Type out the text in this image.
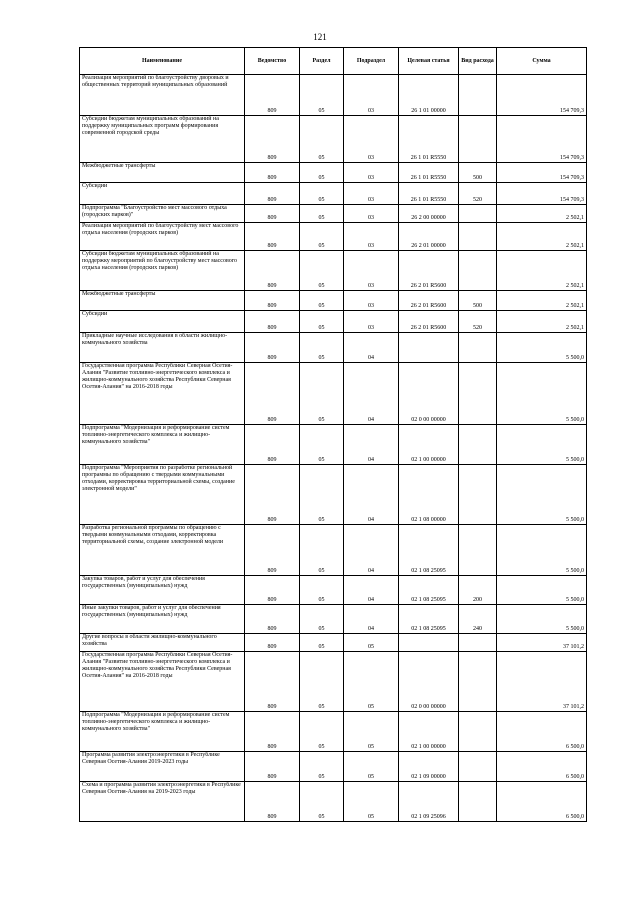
121
Наименование	Ведомство	Раздел	Подраздел	Целевая статья	Вид расхода	Сумма
Реализация мероприятий по благоустройству дворовых и общественных территорий муниципальных образований	809	05	03	26 1 01 00000		154 709,3
Субсидии бюджетам муниципальных образований на поддержку муниципальных программ формирования современной городской среды	809	05	03	26 1 01 R5550		154 709,3
Межбюджетные трансферты	809	05	03	26 1 01 R5550	500	154 709,3
Субсидии	809	05	03	26 1 01 R5550	520	154 709,3
Подпрограмма "Благоустройство мест массового отдыха (городских парков)"	809	05	03	26 2 00 00000		2 502,1
Реализация мероприятий по благоустройству мест массового отдыха населения (городских парков)	809	05	03	26 2 01 00000		2 502,1
Субсидии бюджетам муниципальных образований на поддержку мероприятий по благоустройству мест массового отдыха населения (городских парков)	809	05	03	26 2 01 R5600		2 502,1
Межбюджетные трансферты	809	05	03	26 2 01 R5600	500	2 502,1
Субсидии	809	05	03	26 2 01 R5600	520	2 502,1
Прикладные научные исследования в области жилищно-коммунального хозяйства	809	05	04			5 500,0
Государственная программа Республики Северная Осетия-Алания "Развитие топливно-энергетического комплекса и жилищно-коммунального хозяйства Республики Северная Осетия-Алания" на 2016-2018 годы	809	05	04	02 0 00 00000		5 500,0
Подпрограмма "Модернизация и реформирование систем топливно-энергетического комплекса и жилищно-коммунального хозяйства"	809	05	04	02 1 00 00000		5 500,0
Подпрограмма "Мероприятия по разработке региональной программы по обращению с твердыми коммунальными отходами, корректировка территориальной схемы, создание электронной модели"	809	05	04	02 1 08 00000		5 500,0
Разработка региональной программы по обращению с твердыми коммунальными отходами, корректировка территориальной схемы, создание электронной модели	809	05	04	02 1 08 25095		5 500,0
Закупка товаров, работ и услуг для обеспечения государственных (муниципальных) нужд	809	05	04	02 1 08 25095	200	5 500,0
Иные закупки товаров, работ и услуг для обеспечения государственных (муниципальных) нужд	809	05	04	02 1 08 25095	240	5 500,0
Другие вопросы в области жилищно-коммунального хозяйства	809	05	05			37 101,2
Государственная программа Республики Северная Осетия-Алания "Развитие топливно-энергетического комплекса и жилищно-коммунального хозяйства Республики Северная Осетия-Алания" на 2016-2018 годы	809	05	05	02 0 00 00000		37 101,2
Подпрограмма "Модернизация и реформирование систем топливно-энергетического комплекса и жилищно-коммунального хозяйства"	809	05	05	02 1 00 00000		6 500,0
Программа развития электроэнергетики в Республике Северная Осетия-Алания 2019-2023 годы	809	05	05	02 1 09 00000		6 500,0
Схема и программа развития электроэнергетики в Республике Северная Осетия-Алания на 2019-2023 годы	809	05	05	02 1 09 25096		6 500,0
